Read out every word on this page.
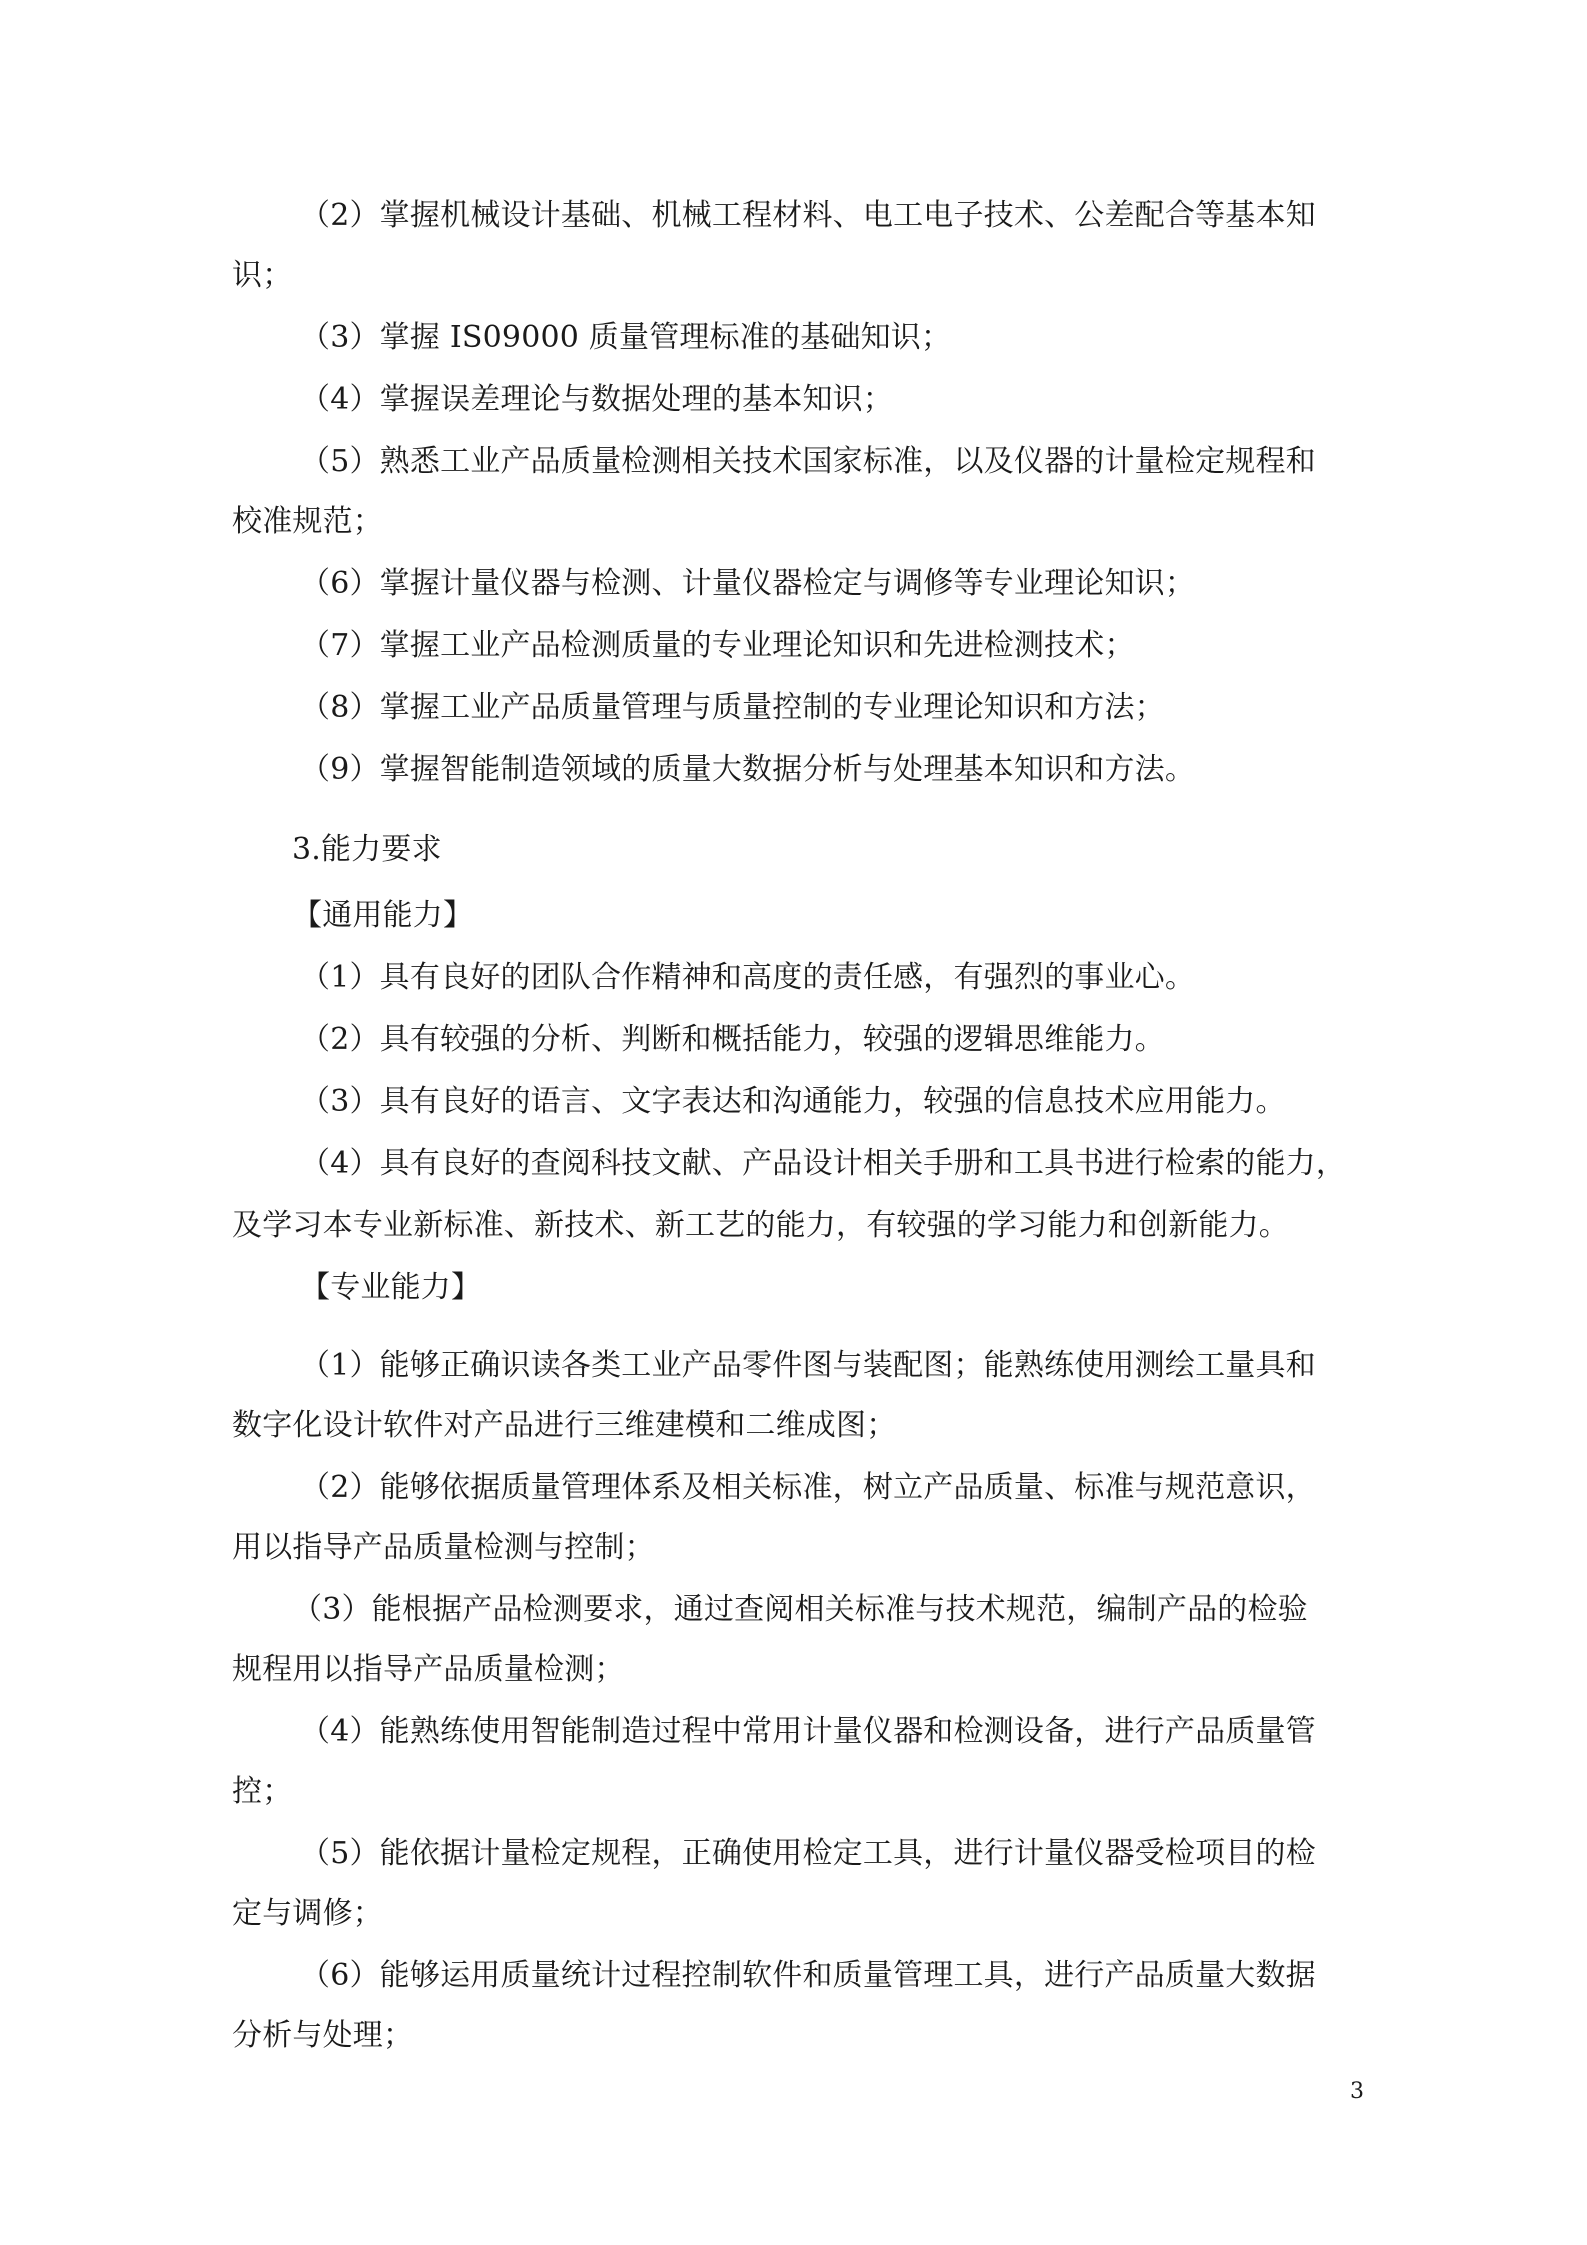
（2）掌握机械设计基础、机械工程材料、电工电子技术、公差配合等基本知
识；
（3）掌握 IS09000 质量管理标准的基础知识；
（4）掌握误差理论与数据处理的基本知识；
（5）熟悉工业产品质量检测相关技术国家标准，以及仪器的计量检定规程和
校准规范；
（6）掌握计量仪器与检测、计量仪器检定与调修等专业理论知识；
（7）掌握工业产品检测质量的专业理论知识和先进检测技术；
（8）掌握工业产品质量管理与质量控制的专业理论知识和方法；
（9）掌握智能制造领域的质量大数据分析与处理基本知识和方法。
3.能力要求
【通用能力】
（1）具有良好的团队合作精神和高度的责任感，有强烈的事业心。
（2）具有较强的分析、判断和概括能力，较强的逻辑思维能力。
（3）具有良好的语言、文字表达和沟通能力，较强的信息技术应用能力。
（4）具有良好的查阅科技文献、产品设计相关手册和工具书进行检索的能力，
及学习本专业新标准、新技术、新工艺的能力，有较强的学习能力和创新能力。
【专业能力】
（1）能够正确识读各类工业产品零件图与装配图；能熟练使用测绘工量具和
数字化设计软件对产品进行三维建模和二维成图；
（2）能够依据质量管理体系及相关标准，树立产品质量、标准与规范意识，
用以指导产品质量检测与控制；
（3）能根据产品检测要求，通过查阅相关标准与技术规范，编制产品的检验
规程用以指导产品质量检测；
（4）能熟练使用智能制造过程中常用计量仪器和检测设备，进行产品质量管
控；
（5）能依据计量检定规程，正确使用检定工具，进行计量仪器受检项目的检
定与调修；
（6）能够运用质量统计过程控制软件和质量管理工具，进行产品质量大数据
分析与处理；
3
